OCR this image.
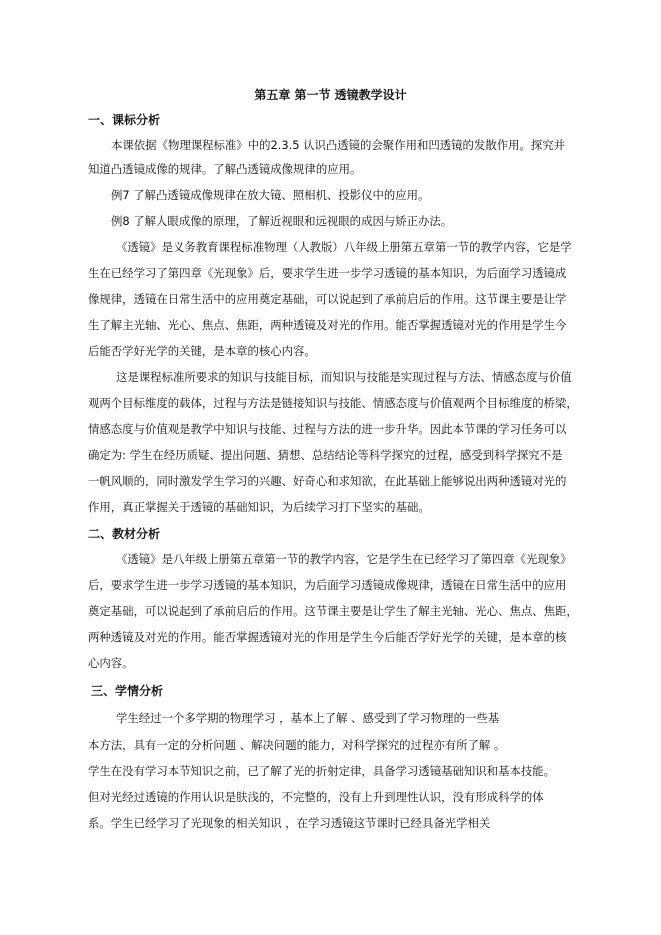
第五章 第一节 透镜教学设计
一、课标分析
本课依据《物理课程标准》中的2.3.5 认识凸透镜的会聚作用和凹透镜的发散作用。探究并
知道凸透镜成像的规律。了解凸透镜成像规律的应用。
例7 了解凸透镜成像规律在放大镜、照相机、投影仪中的应用。
例8 了解人眼成像的原理，了解近视眼和远视眼的成因与矫正办法。
《透镜》是义务教育课程标准物理（人教版）八年级上册第五章第一节的教学内容，它是学
生在已经学习了第四章《光现象》后，要求学生进一步学习透镜的基本知识，为后面学习透镜成
像规律，透镜在日常生活中的应用奠定基础，可以说起到了承前启后的作用。这节课主要是让学
生了解主光轴、光心、焦点、焦距，两种透镜及对光的作用。能否掌握透镜对光的作用是学生今
后能否学好光学的关键，是本章的核心内容。
这是课程标准所要求的知识与技能目标，而知识与技能是实现过程与方法、情感态度与价值
观两个目标维度的载体，过程与方法是链接知识与技能、情感态度与价值观两个目标维度的桥梁，
情感态度与价值观是教学中知识与技能、过程与方法的进一步升华。因此本节课的学习任务可以
确定为: 学生在经历质疑、提出问题、猜想、总结结论等科学探究的过程，感受到科学探究不是
一帆风顺的，同时激发学生学习的兴趣、好奇心和求知欲，在此基础上能够说出两种透镜对光的
作用，真正掌握关于透镜的基础知识，为后续学习打下坚实的基础。
二、教材分析
《透镜》是八年级上册第五章第一节的教学内容，它是学生在已经学习了第四章《光现象》
后，要求学生进一步学习透镜的基本知识，为后面学习透镜成像规律，透镜在日常生活中的应用
奠定基础，可以说起到了承前启后的作用。这节课主要是让学生了解主光轴、光心、焦点、焦距，
两种透镜及对光的作用。能否掌握透镜对光的作用是学生今后能否学好光学的关键，是本章的核
心内容。
三、学情分析
学生经过一个多学期的物理学习 ，基本上了解 、感受到了学习物理的一些基
本方法，具有一定的分析问题 、解决问题的能力，对科学探究的过程亦有所了解 。
学生在没有学习本节知识之前，已了解了光的折射定律，具备学习透镜基础知识和基本技能。
但对光经过透镜的作用认识是肤浅的，不完整的，没有上升到理性认识，没有形成科学的体
系。学生已经学习了光现象的相关知识 ，在学习透镜这节课时已经具备光学相关
